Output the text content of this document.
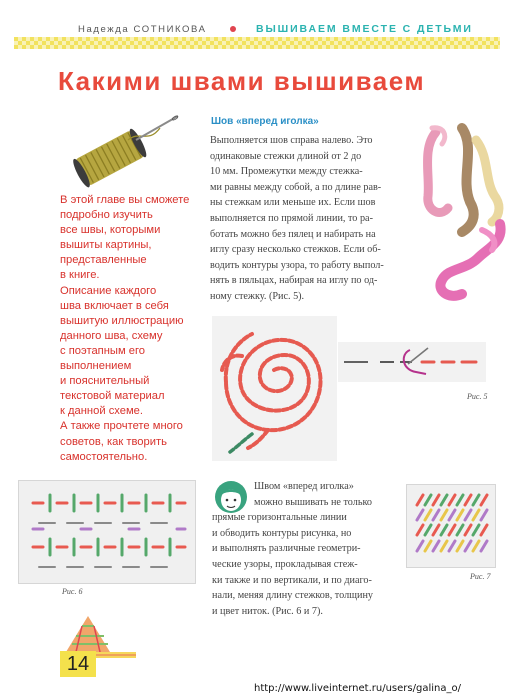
Надежда СОТНИКОВА	ВЫШИВАЕМ ВМЕСТЕ С ДЕТЬМИ
Какими швами вышиваем

В этой главе вы сможете

подробно изучить

все швы, которыми

вышиты картины,

представленные

в книге.

Описание каждого

шва включает в себя

вышитую иллюстрацию

данного шва, схему

с поэтапным его

выполнением

и пояснительный

текстовой материал

к данной схеме.

А также прочтете много

советов, как творить

самостоятельно.

Шов «вперед иголка»

Выполняется шов справа налево. Это

одинаковые стежки длиной от 2 до

10 мм. Промежутки между стежка-

ми равны между собой, а по длине рав-

ны стежкам или меньше их. Если шов

выполняется по прямой линии, то ра-

ботать можно без пялец и набирать на

иглу сразу несколько стежков. Если об-

водить контуры узора, то работу выпол-

нять в пяльцах, набирая на иглу по од-

ному стежку. (Рис. 5).

Рис. 5
Рис. 6

Швом «вперед иголка»

можно вышивать не только

прямые горизонтальные линии

и обводить контуры рисунка, но

и выполнять различные геометри-

ческие узоры, прокладывая стеж-

ки также и по вертикали, и по диаго-

нали, меняя длину стежков, толщину

и цвет ниток. (Рис. 6 и 7).

Рис. 7
14
http://www.liveinternet.ru/users/galina_o/
